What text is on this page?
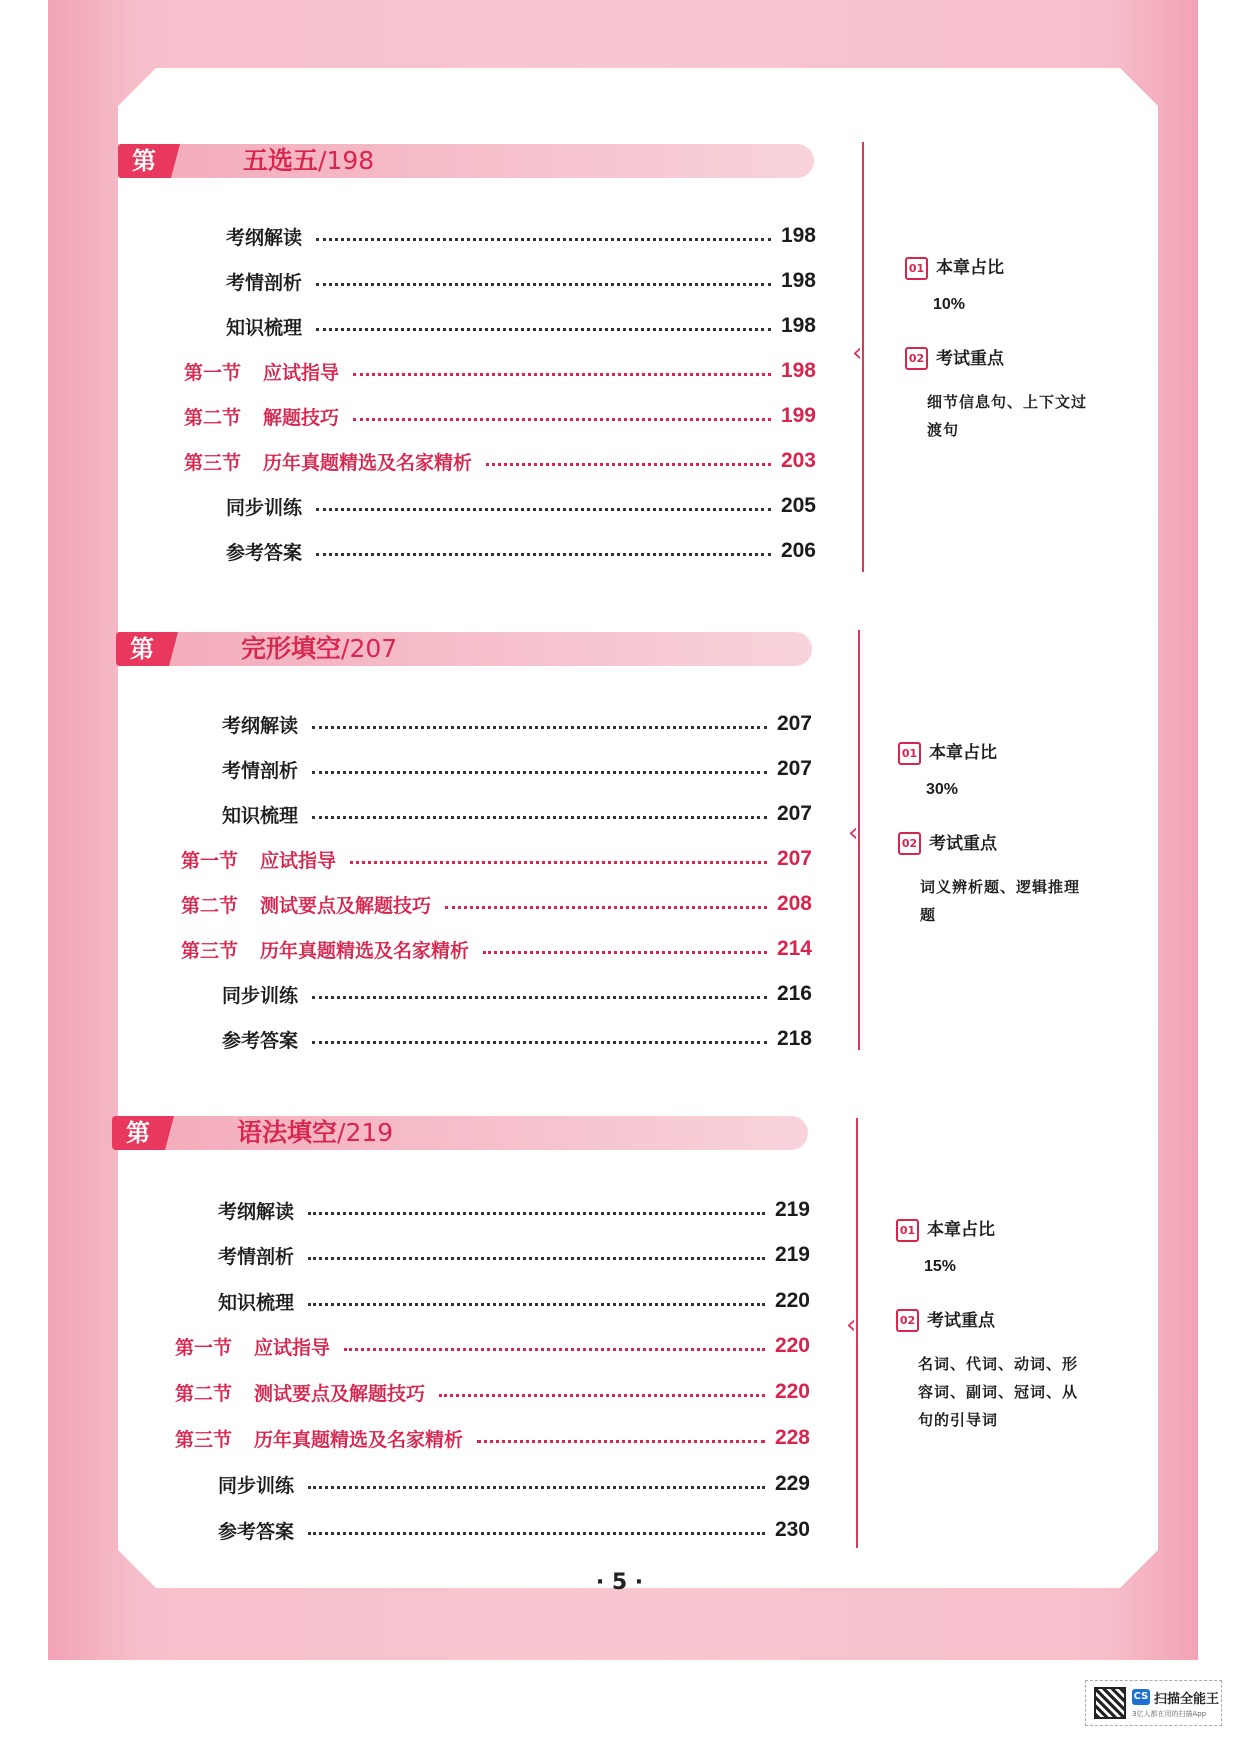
第四章
五选五/198
考纲解读	198
考情剖析	198
知识梳理	198
第一节 应试指导	198
第二节 解题技巧	199
第三节 历年真题精选及名家精析	203
同步训练	205
参考答案	206
‹
01 本章占比
10%
02 考试重点
细节信息句、上下文过渡句
第五章
完形填空/207
考纲解读	207
考情剖析	207
知识梳理	207
第一节 应试指导	207
第二节 测试要点及解题技巧	208
第三节 历年真题精选及名家精析	214
同步训练	216
参考答案	218
‹
01 本章占比
30%
02 考试重点
词义辨析题、逻辑推理题
第六章
语法填空/219
考纲解读	219
考情剖析	219
知识梳理	220
第一节 应试指导	220
第二节 测试要点及解题技巧	220
第三节 历年真题精选及名家精析	228
同步训练	229
参考答案	230
‹
01 本章占比
15%
02 考试重点
名词、代词、动词、形容词、副词、冠词、从句的引导词
· 5 ·
CS 扫描全能王
3亿人都在用的扫描App
